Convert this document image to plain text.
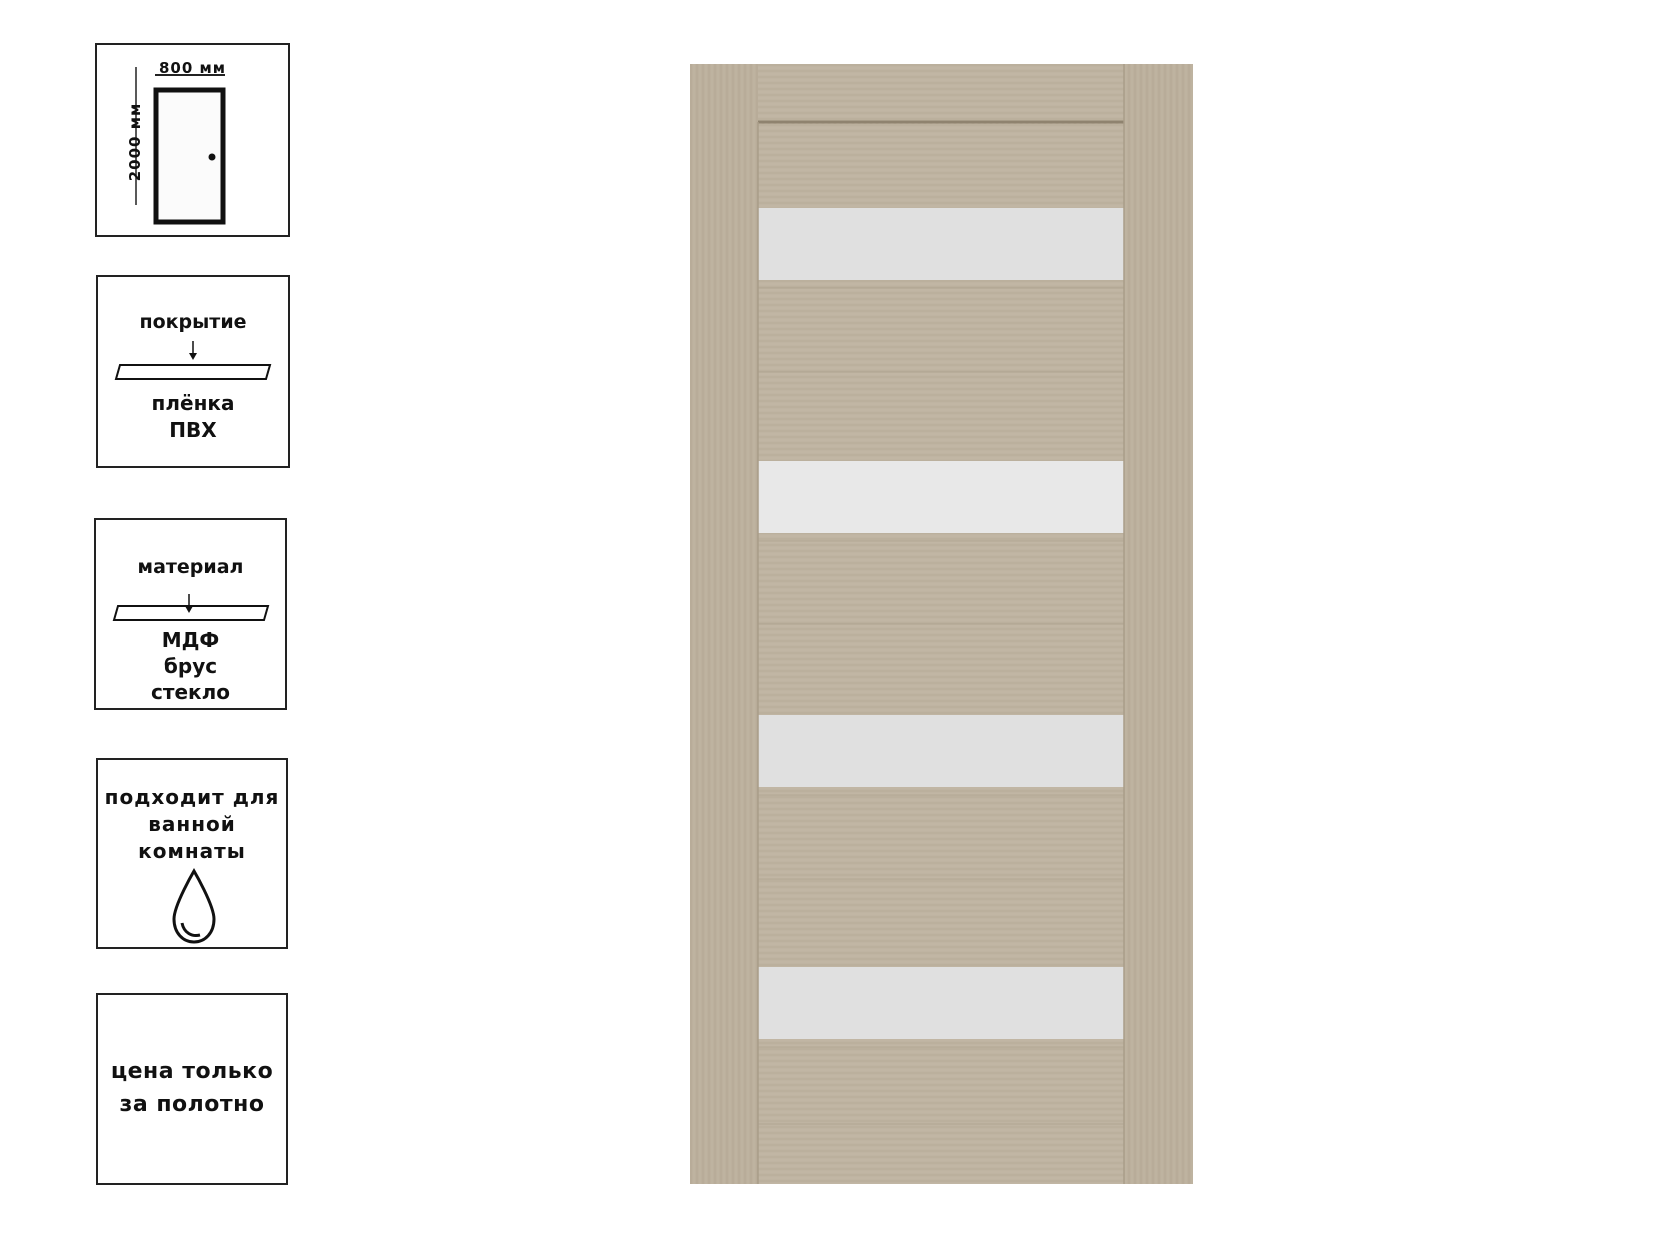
800 мм
2000 мм
покрытие
плёнка
ПВХ
материал
МДФ
брус
стекло
подходит для
ванной
комнаты
цена только
за полотно
